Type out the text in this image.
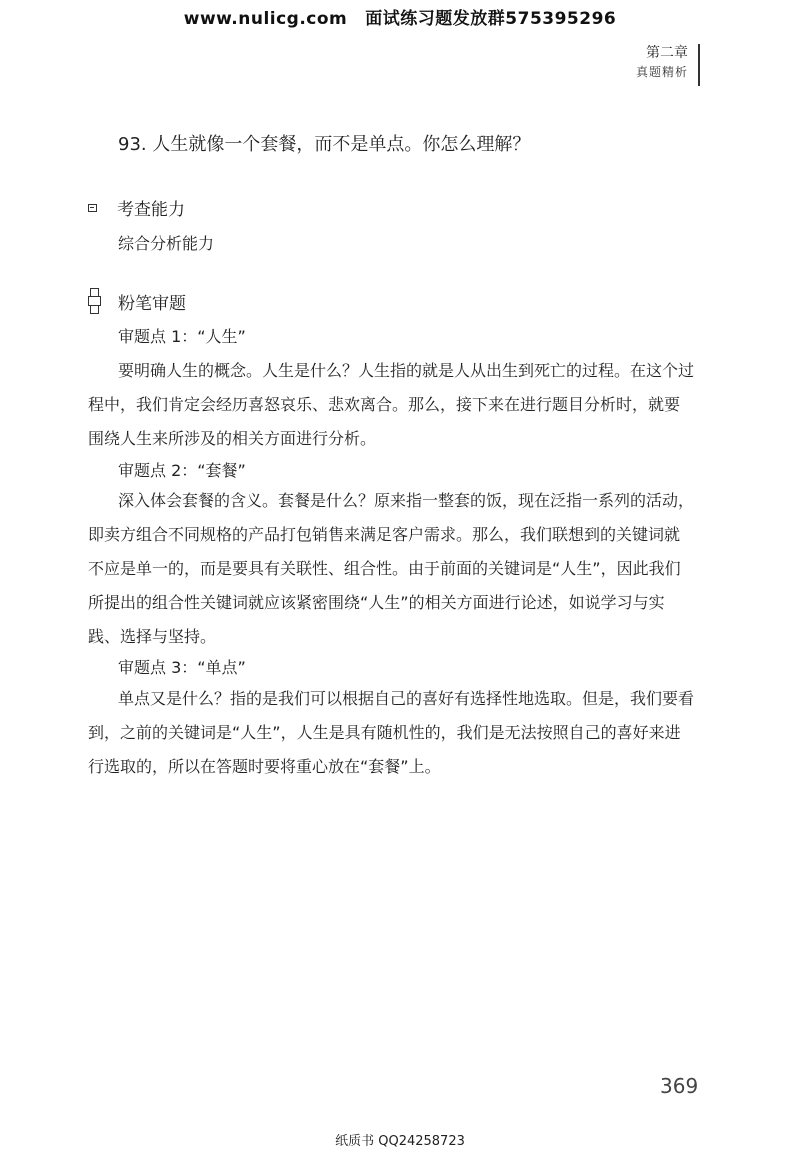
www.nulicg.com 面试练习题发放群575395296
第二章
真题精析
93. 人生就像一个套餐，而不是单点。你怎么理解？
考查能力
综合分析能力
粉笔审题
审题点 1：“人生”

要明确人生的概念。人生是什么？人生指的就是人从出生到死亡的过程。在这个过程中，我们肯定会经历喜怒哀乐、悲欢离合。那么，接下来在进行题目分析时，就要围绕人生来所涉及的相关方面进行分析。

审题点 2：“套餐”

深入体会套餐的含义。套餐是什么？原来指一整套的饭，现在泛指一系列的活动，即卖方组合不同规格的产品打包销售来满足客户需求。那么，我们联想到的关键词就不应是单一的，而是要具有关联性、组合性。由于前面的关键词是“人生”，因此我们所提出的组合性关键词就应该紧密围绕“人生”的相关方面进行论述，如说学习与实践、选择与坚持。

审题点 3：“单点”

单点又是什么？指的是我们可以根据自己的喜好有选择性地选取。但是，我们要看到，之前的关键词是“人生”，人生是具有随机性的，我们是无法按照自己的喜好来进行选取的，所以在答题时要将重心放在“套餐”上。

369
纸质书 QQ24258723
